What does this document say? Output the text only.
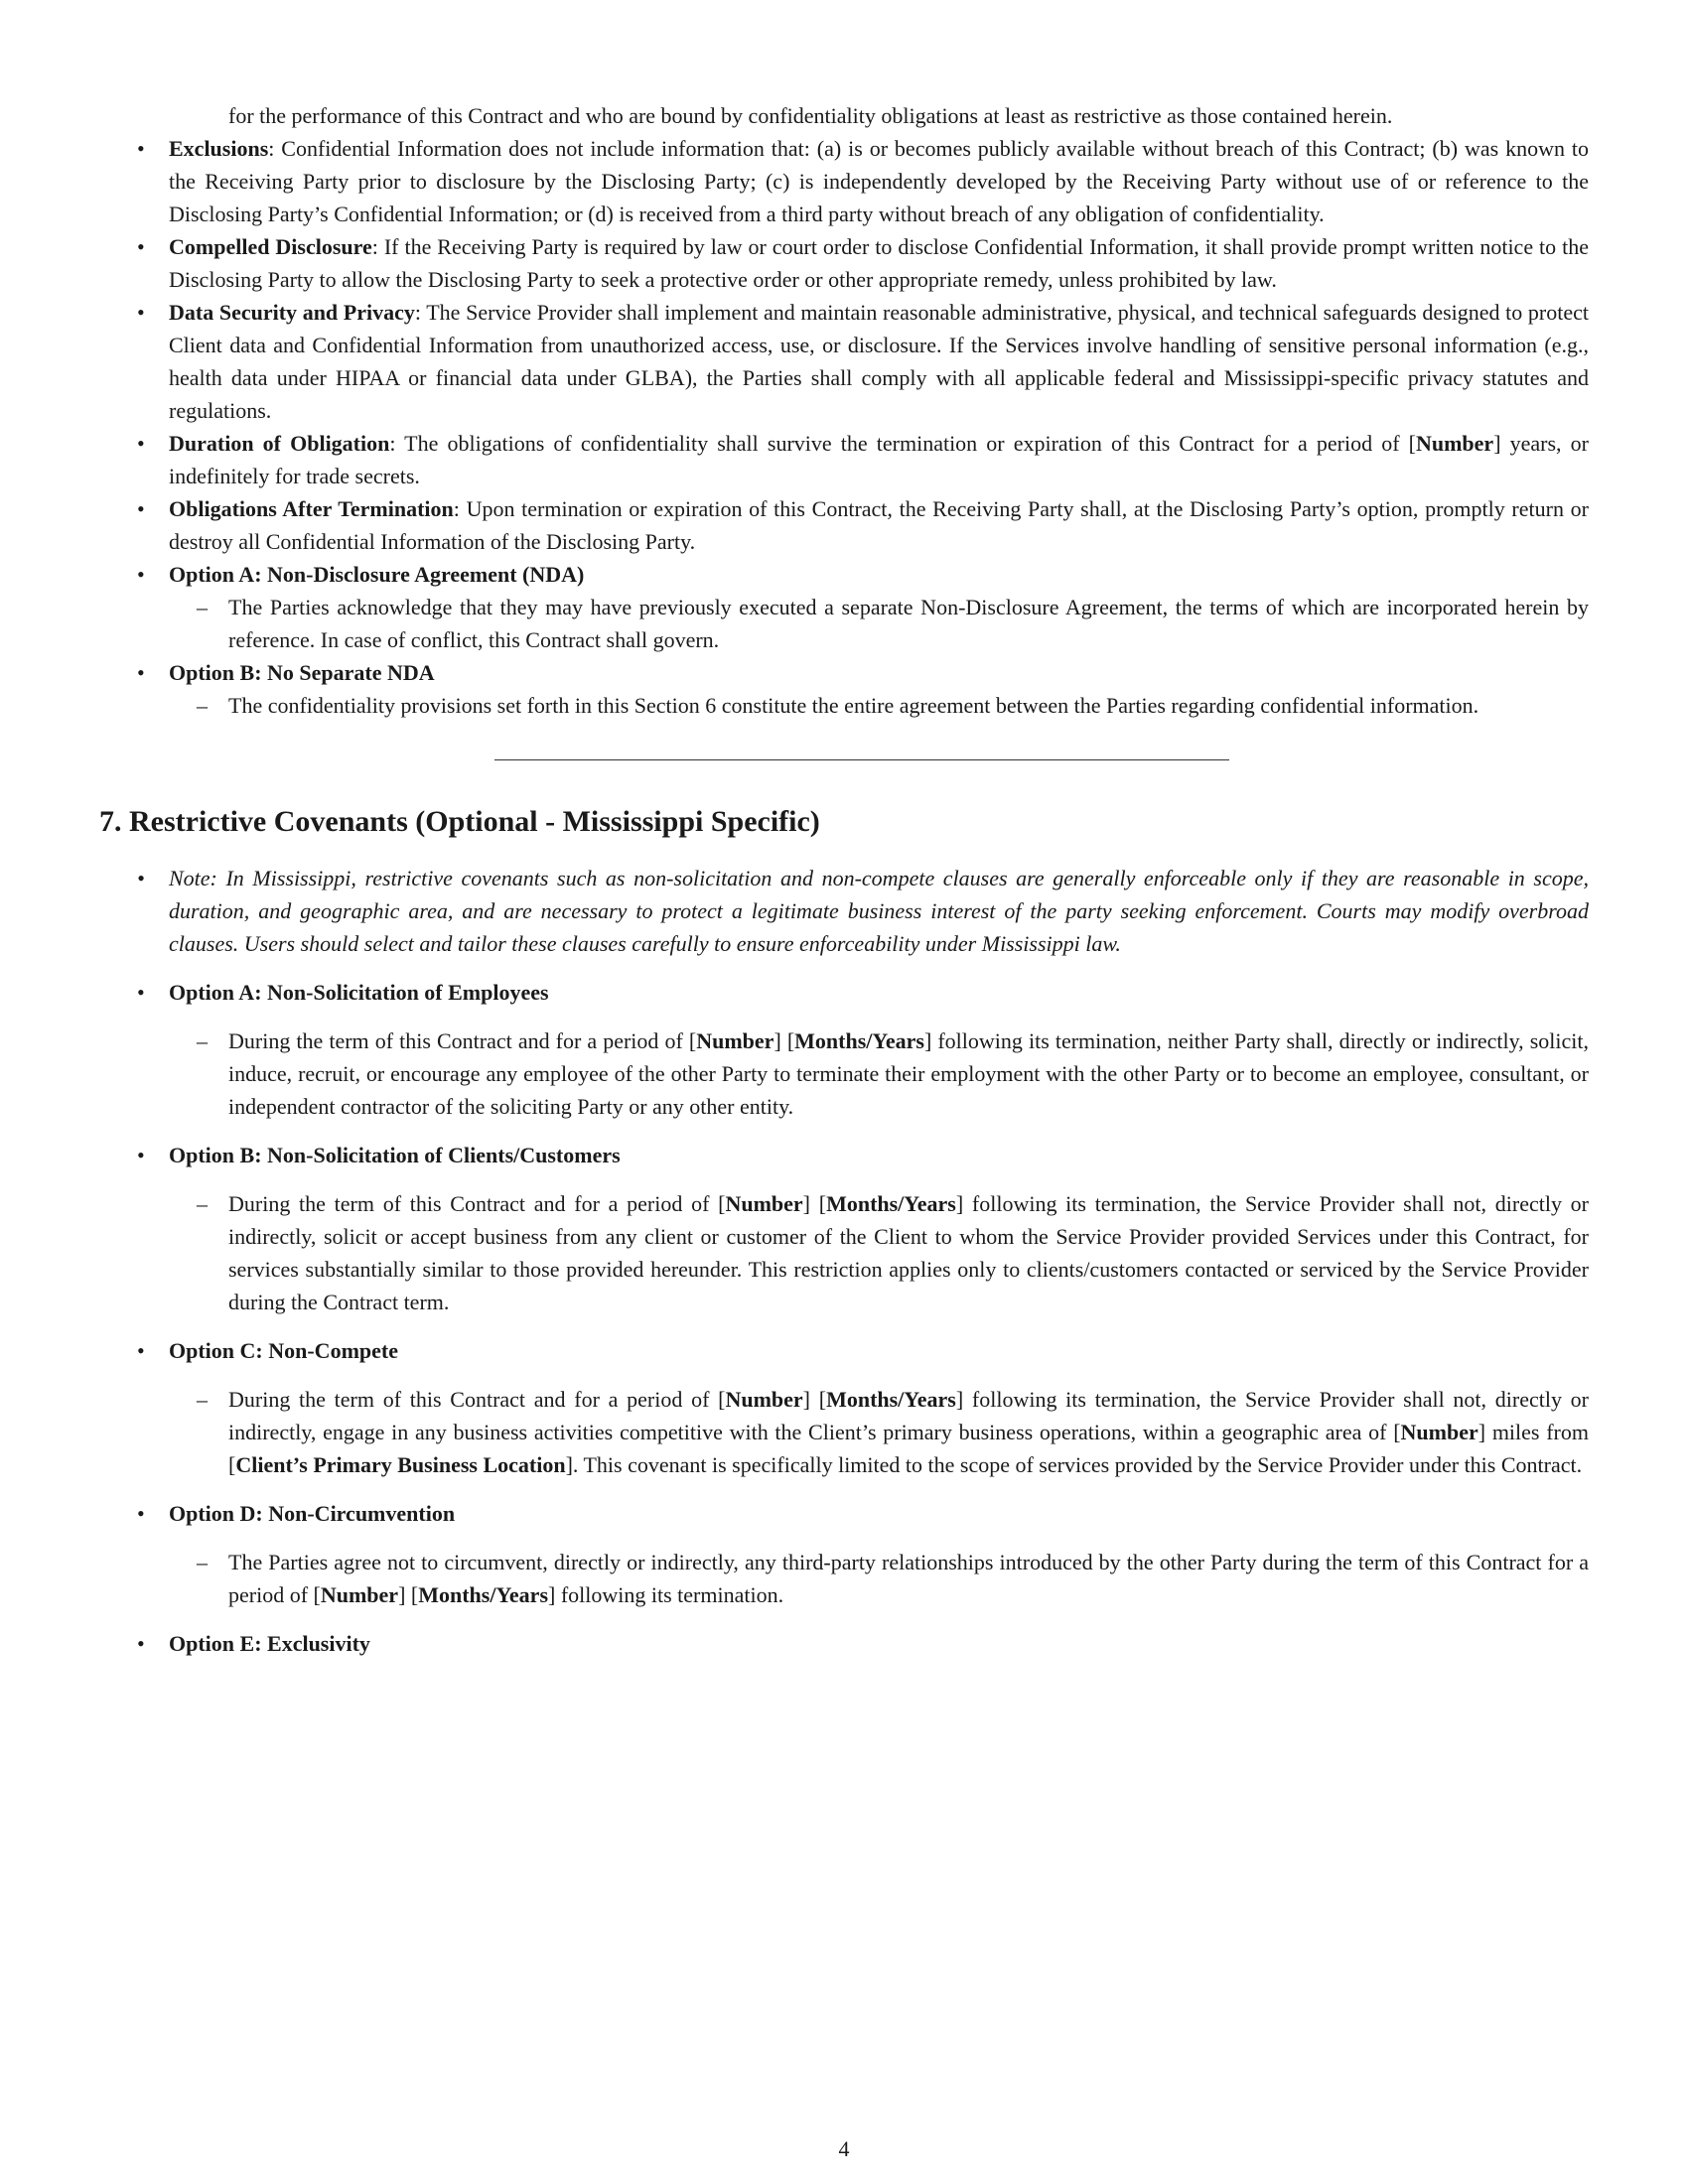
for the performance of this Contract and who are bound by confidentiality obligations at least as restrictive as those contained herein.
• Exclusions: Confidential Information does not include information that: (a) is or becomes publicly available without breach of this Contract; (b) was known to the Receiving Party prior to disclosure by the Disclosing Party; (c) is independently developed by the Receiving Party without use of or reference to the Disclosing Party’s Confidential Information; or (d) is received from a third party without breach of any obligation of confidentiality.
• Compelled Disclosure: If the Receiving Party is required by law or court order to disclose Confidential Information, it shall provide prompt written notice to the Disclosing Party to allow the Disclosing Party to seek a protective order or other appropriate remedy, unless prohibited by law.
• Data Security and Privacy: The Service Provider shall implement and maintain reasonable administrative, physical, and technical safeguards designed to protect Client data and Confidential Information from unauthorized access, use, or disclosure. If the Services involve handling of sensitive personal information (e.g., health data under HIPAA or financial data under GLBA), the Parties shall comply with all applicable federal and Mississippi-specific privacy statutes and regulations.
• Duration of Obligation: The obligations of confidentiality shall survive the termination or expiration of this Contract for a period of [Number] years, or indefinitely for trade secrets.
• Obligations After Termination: Upon termination or expiration of this Contract, the Receiving Party shall, at the Disclosing Party’s option, promptly return or destroy all Confidential Information of the Disclosing Party.
• Option A: Non-Disclosure Agreement (NDA)
– The Parties acknowledge that they may have previously executed a separate Non-Disclosure Agreement, the terms of which are incorporated herein by reference. In case of conflict, this Contract shall govern.
• Option B: No Separate NDA
– The confidentiality provisions set forth in this Section 6 constitute the entire agreement between the Parties regarding confidential information.
7. Restrictive Covenants (Optional - Mississippi Specific)
• Note: In Mississippi, restrictive covenants such as non-solicitation and non-compete clauses are generally enforceable only if they are reasonable in scope, duration, and geographic area, and are necessary to protect a legitimate business interest of the party seeking enforcement. Courts may modify overbroad clauses. Users should select and tailor these clauses carefully to ensure enforceability under Mississippi law.
• Option A: Non-Solicitation of Employees
– During the term of this Contract and for a period of [Number] [Months/Years] following its termination, neither Party shall, directly or indirectly, solicit, induce, recruit, or encourage any employee of the other Party to terminate their employment with the other Party or to become an employee, consultant, or independent contractor of the soliciting Party or any other entity.
• Option B: Non-Solicitation of Clients/Customers
– During the term of this Contract and for a period of [Number] [Months/Years] following its termination, the Service Provider shall not, directly or indirectly, solicit or accept business from any client or customer of the Client to whom the Service Provider provided Services under this Contract, for services substantially similar to those provided hereunder. This restriction applies only to clients/customers contacted or serviced by the Service Provider during the Contract term.
• Option C: Non-Compete
– During the term of this Contract and for a period of [Number] [Months/Years] following its termination, the Service Provider shall not, directly or indirectly, engage in any business activities competitive with the Client’s primary business operations, within a geographic area of [Number] miles from [Client’s Primary Business Location]. This covenant is specifically limited to the scope of services provided by the Service Provider under this Contract.
• Option D: Non-Circumvention
– The Parties agree not to circumvent, directly or indirectly, any third-party relationships introduced by the other Party during the term of this Contract for a period of [Number] [Months/Years] following its termination.
• Option E: Exclusivity
4
